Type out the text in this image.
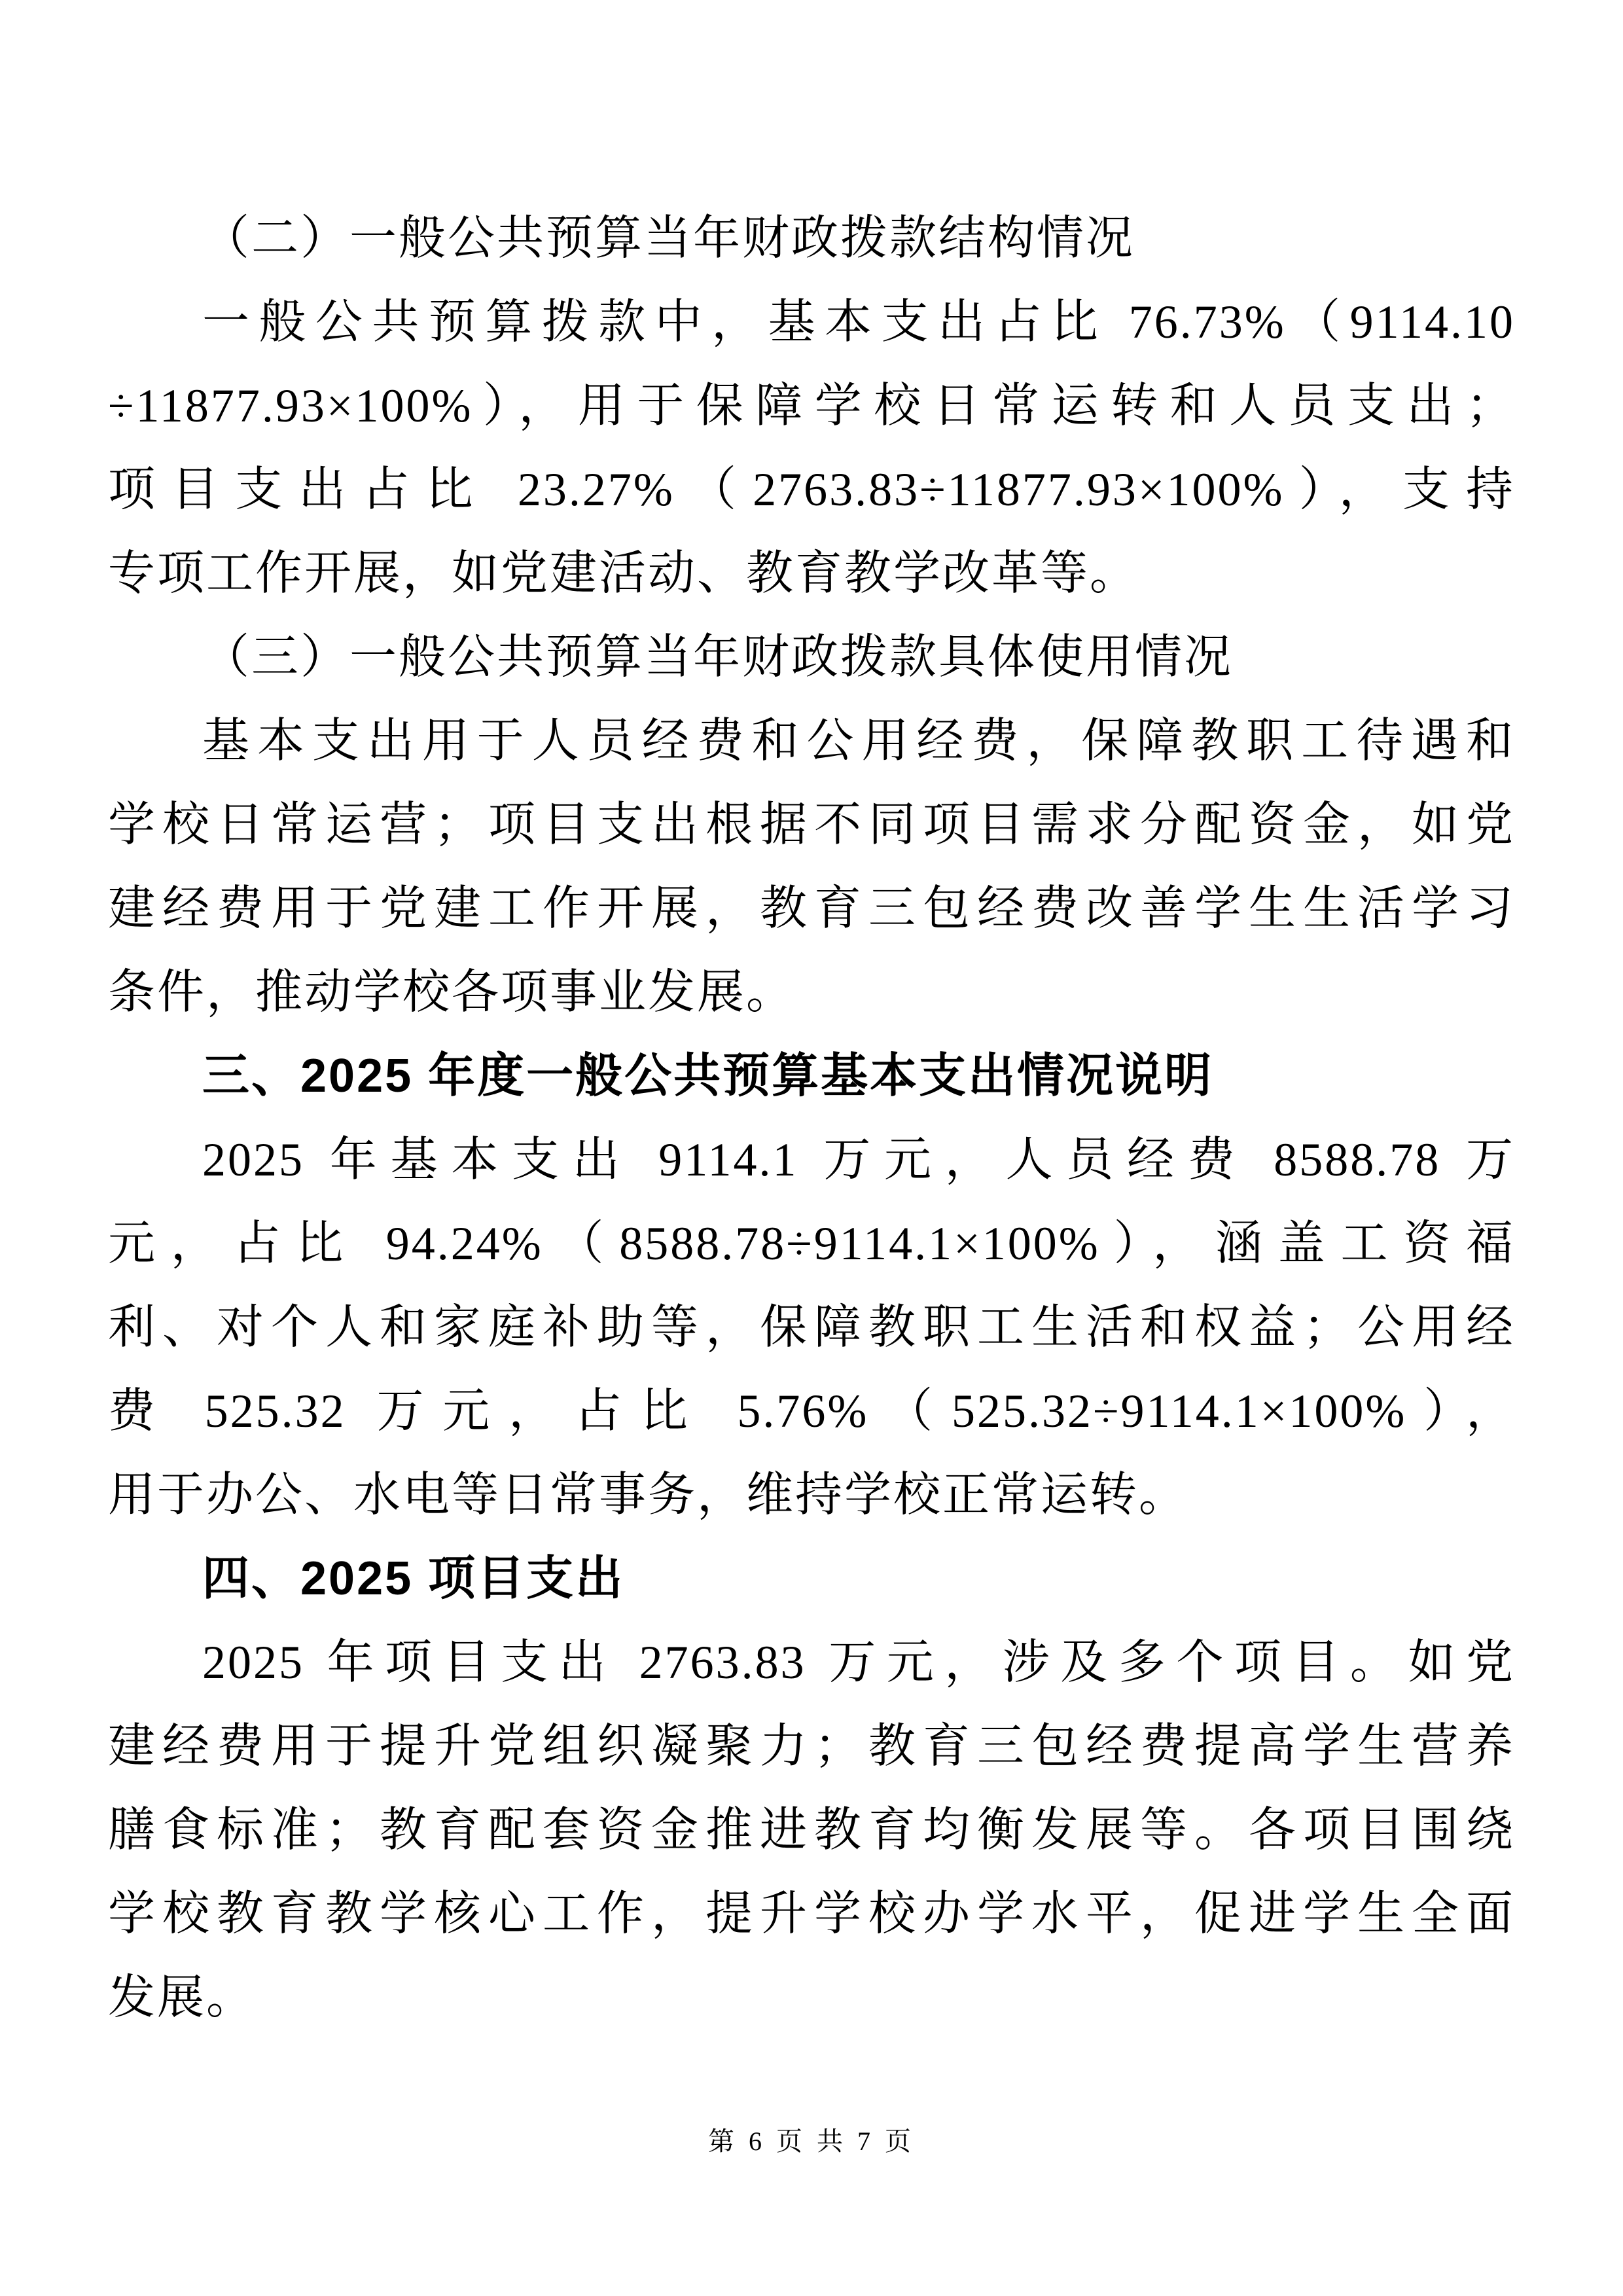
（二）一般公共预算当年财政拨款结构情况
一般公共预算拨款中，基本支出占比 76.73%（9114.10
÷11877.93×100%），用于保障学校日常运转和人员支出；
项目支出占比 23.27%（2763.83÷11877.93×100%），支持
专项工作开展，如党建活动、教育教学改革等。
（三）一般公共预算当年财政拨款具体使用情况
基本支出用于人员经费和公用经费，保障教职工待遇和
学校日常运营；项目支出根据不同项目需求分配资金，如党
建经费用于党建工作开展，教育三包经费改善学生生活学习
条件，推动学校各项事业发展。
三、2025 年度一般公共预算基本支出情况说明
2025 年基本支出 9114.1 万元，人员经费 8588.78 万
元，占比 94.24%（8588.78÷9114.1×100%），涵盖工资福
利、对个人和家庭补助等，保障教职工生活和权益；公用经
费 525.32 万元，占比 5.76%（525.32÷9114.1×100%），
用于办公、水电等日常事务，维持学校正常运转。
四、2025 项目支出
2025 年项目支出 2763.83 万元，涉及多个项目。如党
建经费用于提升党组织凝聚力；教育三包经费提高学生营养
膳食标准；教育配套资金推进教育均衡发展等。各项目围绕
学校教育教学核心工作，提升学校办学水平，促进学生全面
发展。
第 6 页 共 7 页
